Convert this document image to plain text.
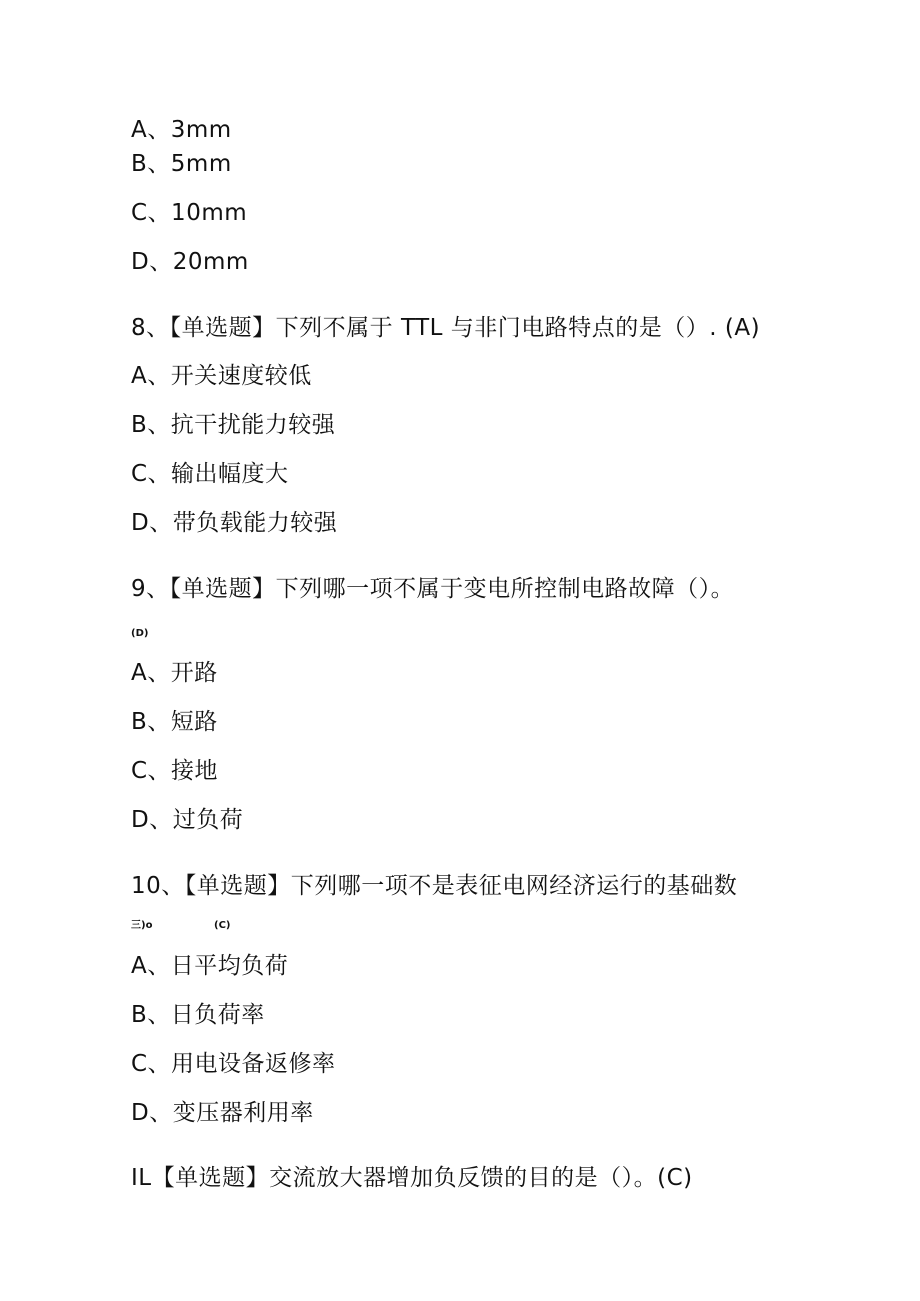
A、3mm
B、5mm
C、10mm
D、20mm
8、【单选题】下列不属于 TTL 与非门电路特点的是（）. (A)
A、开关速度较低
B、抗干扰能力较强
C、输出幅度大
D、带负载能力较强
9、【单选题】下列哪一项不属于变电所控制电路故障（）。
(D)
A、开路
B、短路
C、接地
D、过负荷
10、【单选题】下列哪一项不是表征电网经济运行的基础数
三)o	(C)
A、日平均负荷
B、日负荷率
C、用电设备返修率
D、变压器利用率
IL【单选题】交流放大器增加负反馈的目的是（）。(C)
